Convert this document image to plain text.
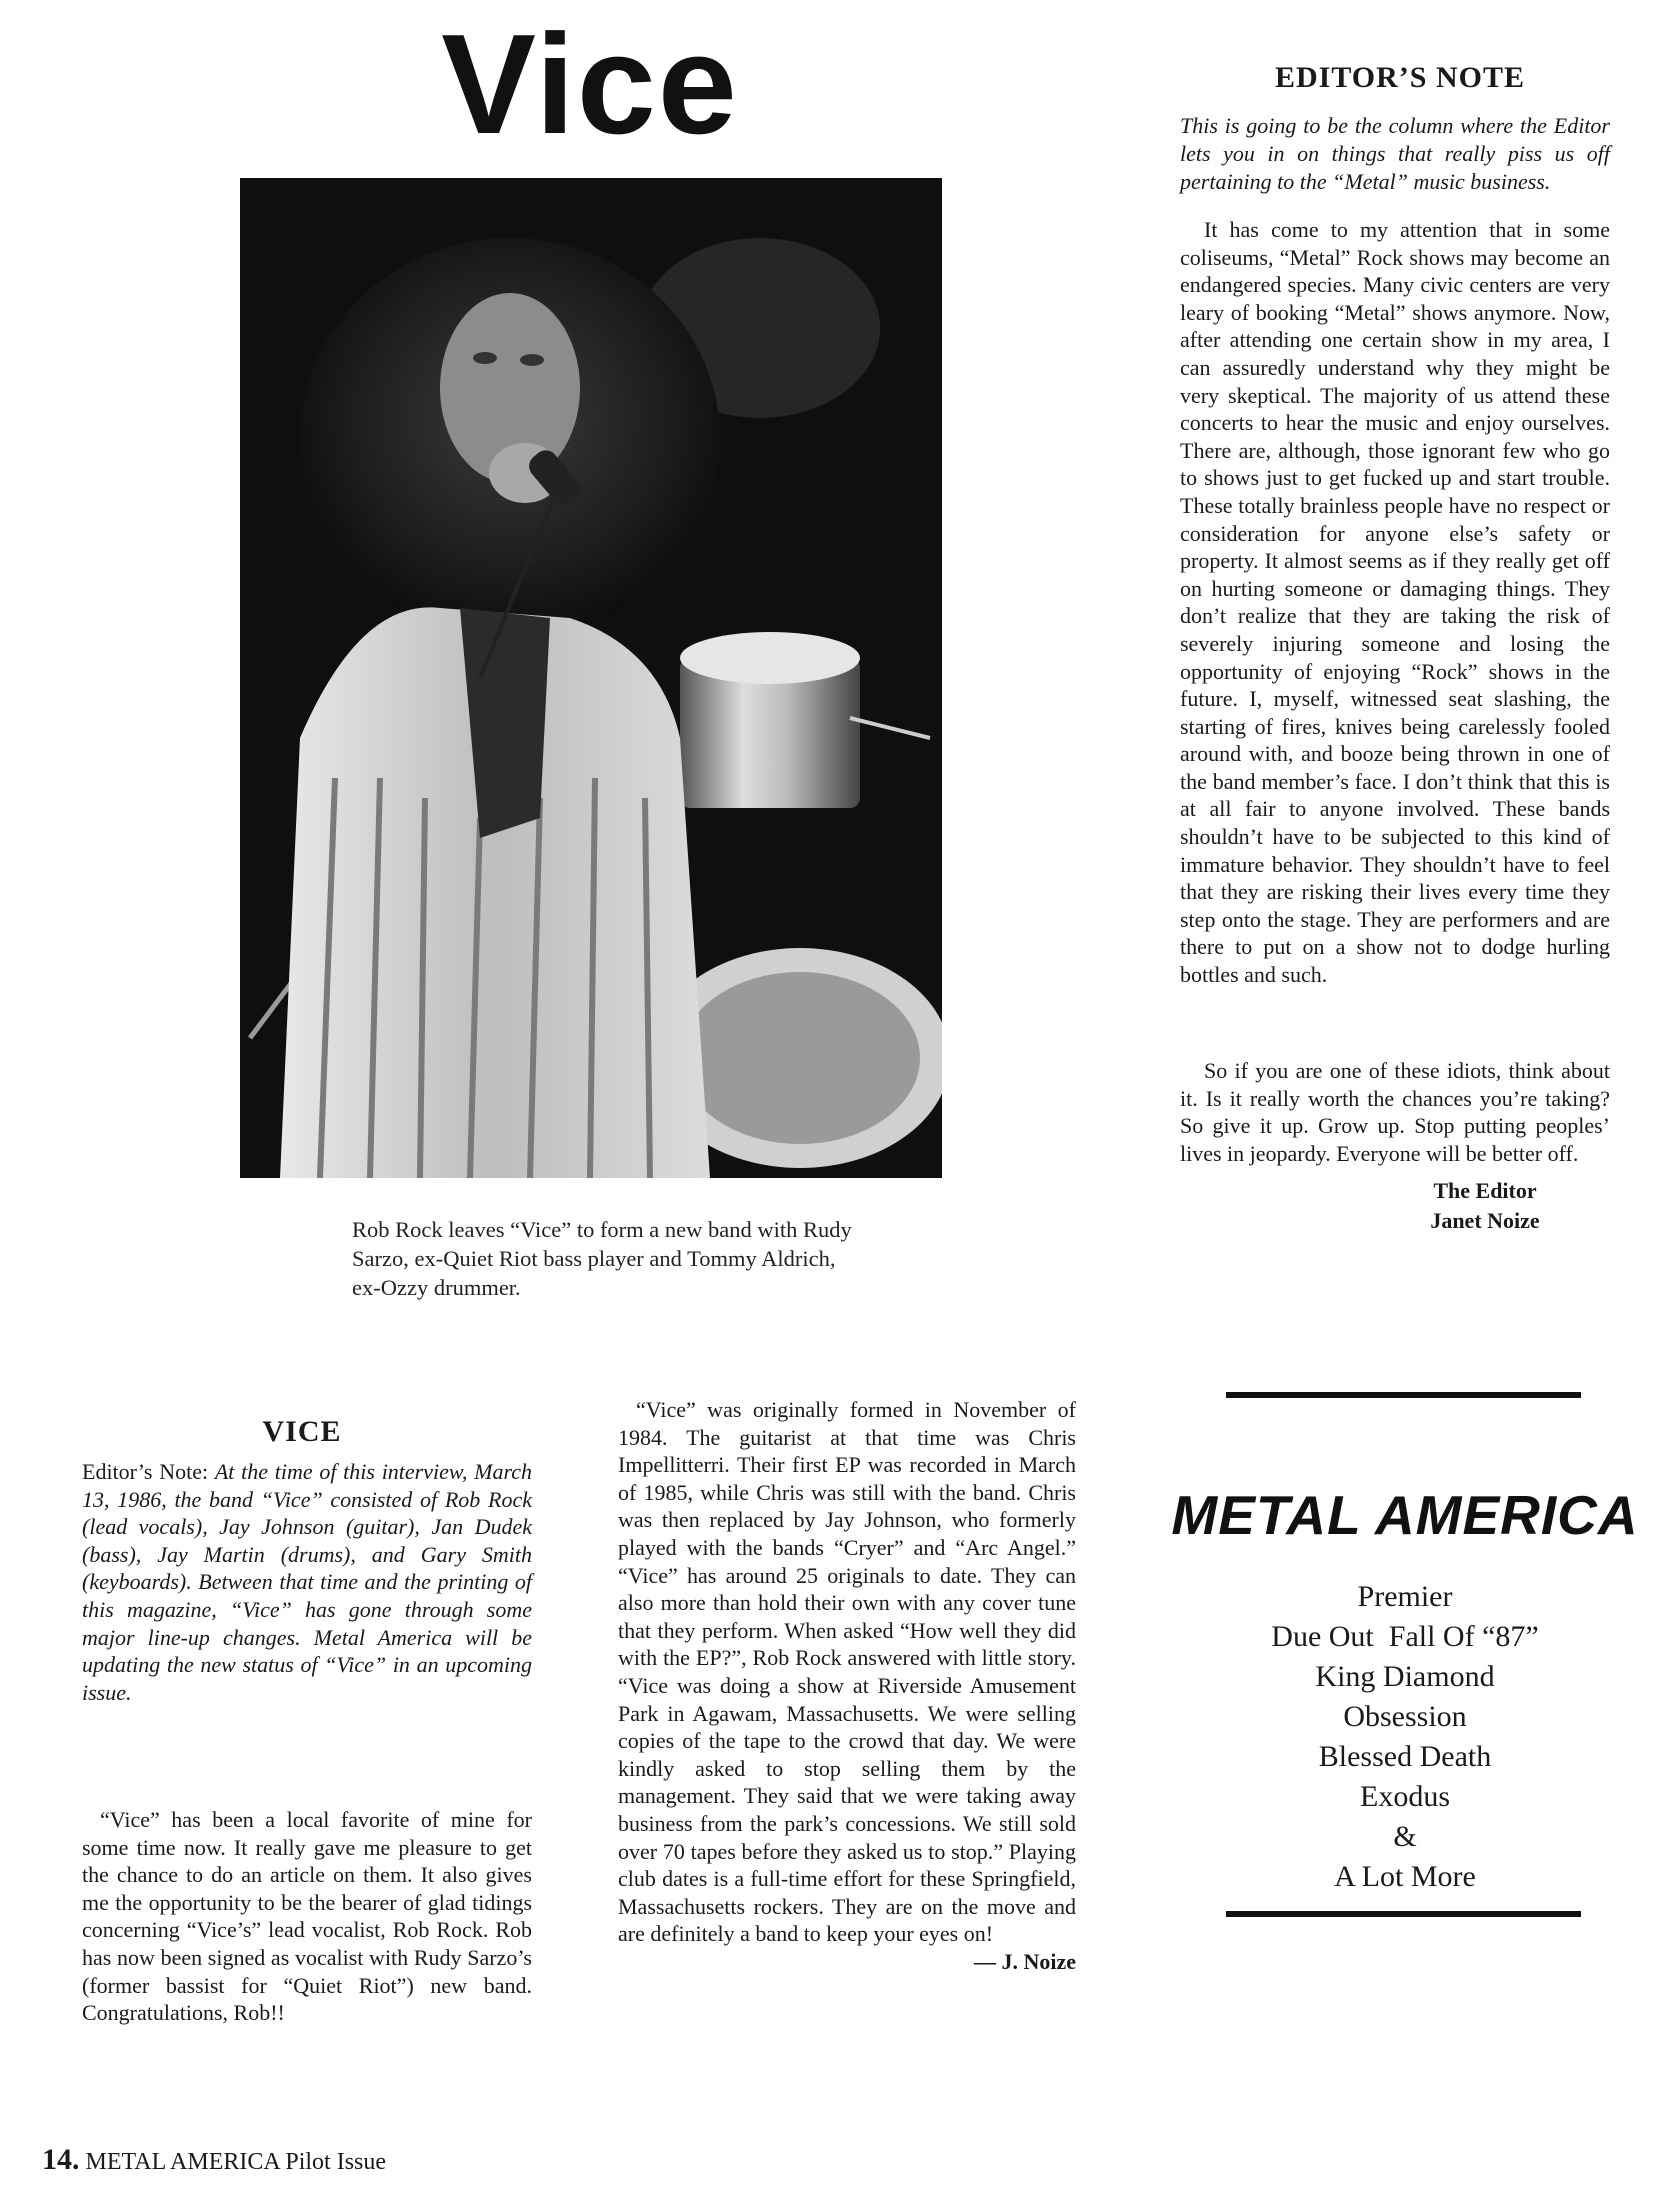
Vice
Rob Rock leaves “Vice” to form a new band with Rudy Sarzo, ex-Quiet Riot bass player and Tommy Aldrich, ex-Ozzy drummer.
EDITOR’S NOTE
This is going to be the column where the Editor lets you in on things that really piss us off pertaining to the “Metal” music business.
It has come to my attention that in some coliseums, “Metal” Rock shows may become an endangered species. Many civic centers are very leary of booking “Metal” shows anymore. Now, after attending one certain show in my area, I can assuredly understand why they might be very skeptical. The majority of us attend these concerts to hear the music and enjoy ourselves. There are, although, those ignorant few who go to shows just to get fucked up and start trouble. These totally brainless people have no respect or consideration for anyone else’s safety or property. It almost seems as if they really get off on hurting someone or damaging things. They don’t realize that they are taking the risk of severely injuring someone and losing the opportunity of enjoying “Rock” shows in the future. I, myself, witnessed seat slashing, the starting of fires, knives being carelessly fooled around with, and booze being thrown in one of the band member’s face. I don’t think that this is at all fair to anyone involved. These bands shouldn’t have to be subjected to this kind of immature behavior. They shouldn’t have to feel that they are risking their lives every time they step onto the stage. They are performers and are there to put on a show not to dodge hurling bottles and such.
So if you are one of these idiots, think about it. Is it really worth the chances you’re taking? So give it up. Grow up. Stop putting peoples’ lives in jeopardy. Everyone will be better off.
The Editor
Janet Noize
VICE
Editor’s Note: At the time of this interview, March 13, 1986, the band “Vice” consisted of Rob Rock (lead vocals), Jay Johnson (guitar), Jan Dudek (bass), Jay Martin (drums), and Gary Smith (keyboards). Between that time and the printing of this magazine, “Vice” has gone through some major line-up changes. Metal America will be updating the new status of “Vice” in an upcoming issue.
“Vice” has been a local favorite of mine for some time now. It really gave me pleasure to get the chance to do an article on them. It also gives me the opportunity to be the bearer of glad tidings concerning “Vice’s” lead vocalist, Rob Rock. Rob has now been signed as vocalist with Rudy Sarzo’s (former bassist for “Quiet Riot”) new band. Congratulations, Rob!!
“Vice” was originally formed in November of 1984. The guitarist at that time was Chris Impellitterri. Their first EP was recorded in March of 1985, while Chris was still with the band. Chris was then replaced by Jay Johnson, who formerly played with the bands “Cryer” and “Arc Angel.” “Vice” has around 25 originals to date. They can also more than hold their own with any cover tune that they perform. When asked “How well they did with the EP?”, Rob Rock answered with little story. “Vice was doing a show at Riverside Amusement Park in Agawam, Massachusetts. We were selling copies of the tape to the crowd that day. We were kindly asked to stop selling them by the management. They said that we were taking away business from the park’s concessions. We still sold over 70 tapes before they asked us to stop.” Playing club dates is a full-time effort for these Springfield, Massachusetts rockers. They are on the move and are definitely a band to keep your eyes on!
— J. Noize
METAL AMERICA
Premier
Due Out  Fall Of “87”
King Diamond
Obsession
Blessed Death
Exodus
&
A Lot More
14. METAL AMERICA Pilot Issue
